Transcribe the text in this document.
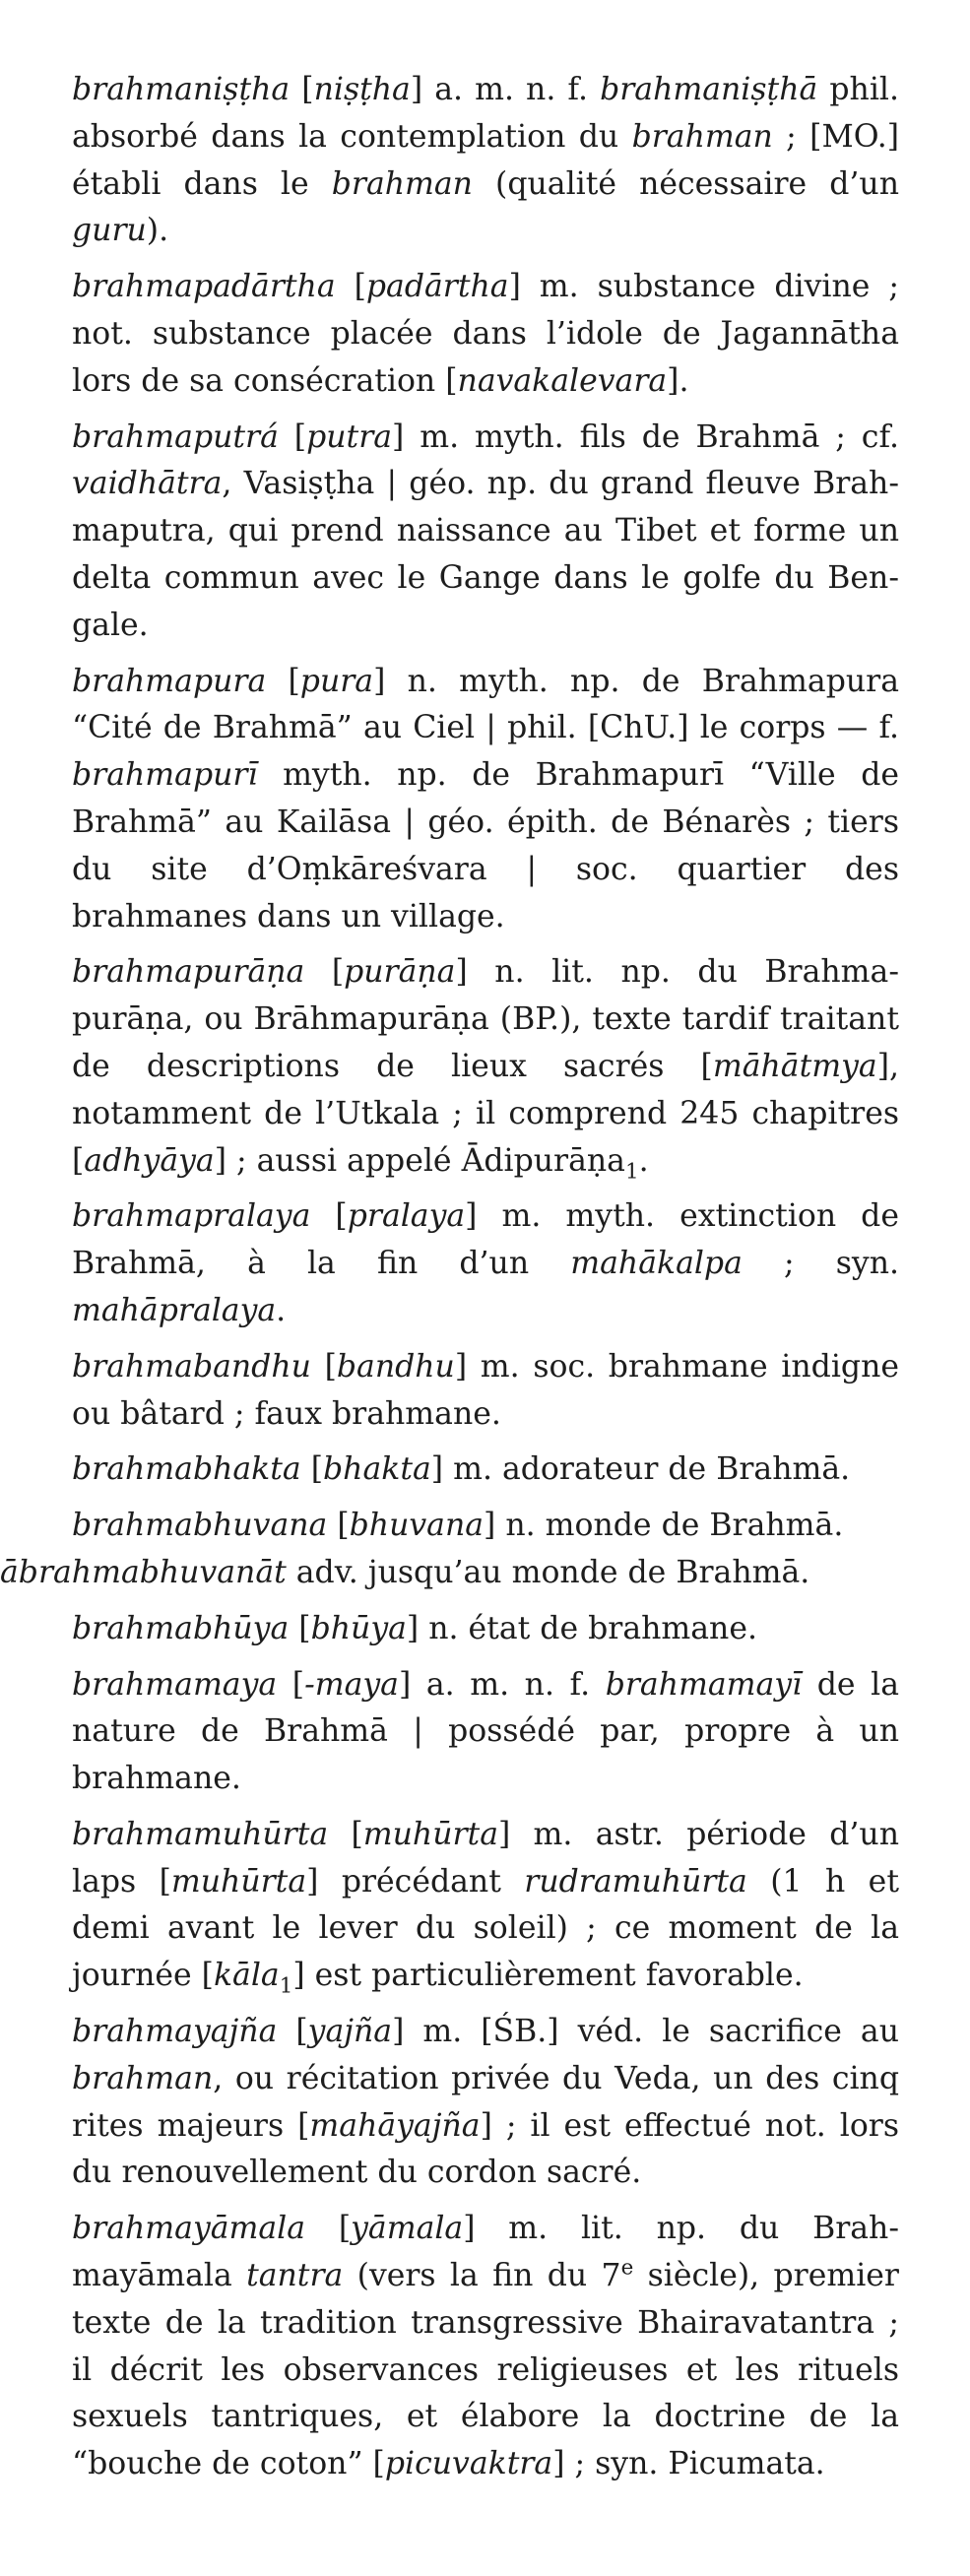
brahmaniṣṭha [niṣṭha] a. m. n. f. brahmaniṣṭhā phil. absorbé dans la contemplation du brahman ; [MO.] établi dans le brahman (qualité nécessaire d’un guru).

brahmapadārtha [padārtha] m. substance divine ; not. substance placée dans l’idole de Jagannātha lors de sa consécration [navakalevara].

brahmaputrá [putra] m. myth. fils de Brahmā ; cf. vaidhātra, Vasiṣṭha | géo. np. du grand fleuve Brahmaputra, qui prend naissance au Tibet et forme un delta commun avec le Gange dans le golfe du Bengale.

brahmapura [pura] n. myth. np. de Brahmapura “Cité de Brahmā” au Ciel | phil. [ChU.] le corps — f. brahmapurī myth. np. de Brahmapurī “Ville de Brahmā” au Kailāsa | géo. épith. de Bénarès ; tiers du site d’Oṃkāreśvara | soc. quartier des brahmanes dans un village.

brahmapurāṇa [purāṇa] n. lit. np. du Brahmapurāṇa, ou Brāhmapurāṇa (BP.), texte tardif traitant de descriptions de lieux sacrés [māhātmya], notamment de l’Utkala ; il comprend 245 chapitres [adhyāya] ; aussi appelé Ādipurāṇa$_1$.

brahmapralaya [pralaya] m. myth. extinction de Brahmā, à la fin d’un mahākalpa ; syn. mahāpralaya.

brahmabandhu [bandhu] m. soc. brahmane indigne ou bâtard ; faux brahmane.

brahmabhakta [bhakta] m. adorateur de Brahmā.

brahmabhuvana [bhuvana] n. monde de Brahmā.

ābrahmabhuvanāt adv. jusqu’au monde de Brahmā.

brahmabhūya [bhūya] n. état de brahmane.

brahmamaya [-maya] a. m. n. f. brahmamayī de la nature de Brahmā | possédé par, propre à un brahmane.

brahmamuhūrta [muhūrta] m. astr. période d’un laps [muhūrta] précédant rudramuhūrta (1 h et demi avant le lever du soleil) ; ce moment de la journée [kāla$_1$] est particulièrement favorable.

brahmayajña [yajña] m. [ŚB.] véd. le sacrifice au brahman, ou récitation privée du Veda, un des cinq rites majeurs [mahāyajña] ; il est effectué not. lors du renouvellement du cordon sacré.

brahmayāmala [yāmala] m. lit. np. du Brahmayāmala tantra (vers la fin du 7e siècle), premier texte de la tradition transgressive Bhairavatantra ; il décrit les observances religieuses et les rituels sexuels tantriques, et élabore la doctrine de la “bouche de coton” [picuvaktra] ; syn. Picumata.
